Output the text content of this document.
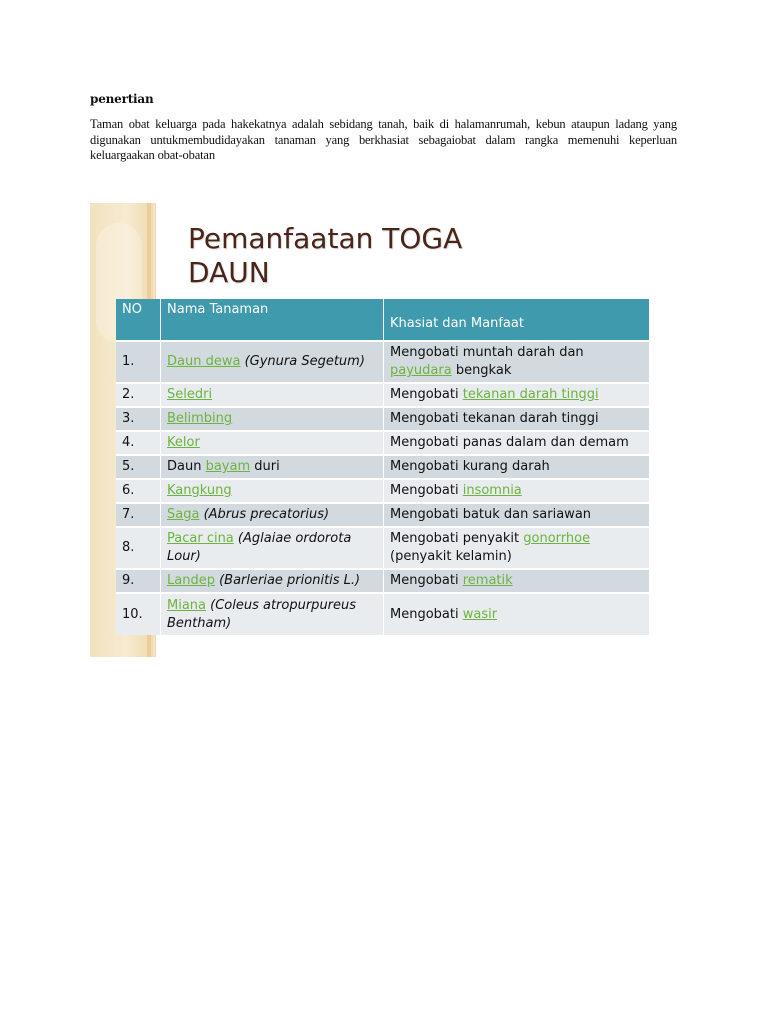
penertian
Taman obat keluarga pada hakekatnya adalah sebidang tanah, baik di halamanrumah, kebun ataupun ladang yang digunakan untukmembudidayakan tanaman yang berkhasiat sebagaiobat dalam rangka memenuhi keperluan keluargaakan obat-obatan
Pemanfaatan TOGA
DAUN
NO	Nama Tanaman	Khasiat dan Manfaat
1.	Daun dewa (Gynura Segetum)	Mengobati muntah darah dan payudara bengkak
2.	Seledri	Mengobati tekanan darah tinggi
3.	Belimbing	Mengobati tekanan darah tinggi
4.	Kelor	Mengobati panas dalam dan demam
5.	Daun bayam duri	Mengobati kurang darah
6.	Kangkung	Mengobati insomnia
7.	Saga (Abrus precatorius)	Mengobati batuk dan sariawan
8.	Pacar cina (Aglaiae ordorota Lour)	Mengobati penyakit gonorrhoe (penyakit kelamin)
9.	Landep (Barleriae prionitis L.)	Mengobati rematik
10.	Miana (Coleus atropurpureus Bentham)	Mengobati wasir
